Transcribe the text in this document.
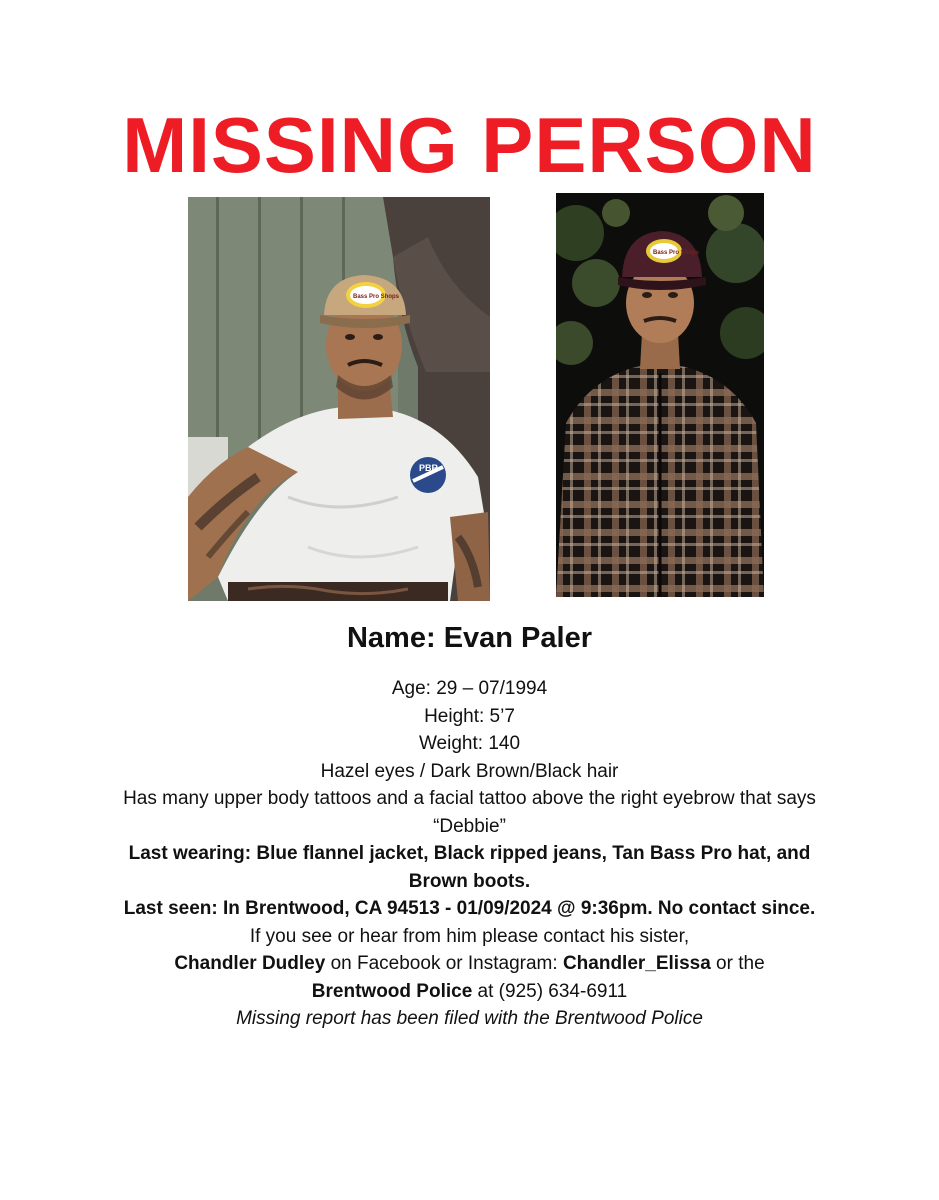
MISSING PERSON
PBR
Bass Pro Shops
Bass Pro Shops
Name: Evan Paler

Age: 29 – 07/1994

Height: 5’7

Weight: 140

Hazel eyes / Dark Brown/Black hair

Has many upper body tattoos and a facial tattoo above the right eyebrow that says “Debbie”

Last wearing: Blue flannel jacket, Black ripped jeans, Tan Bass Pro hat, and Brown boots.

Last seen: In Brentwood, CA 94513 - 01/09/2024 @ 9:36pm. No contact since.

If you see or hear from him please contact his sister,

Chandler Dudley on Facebook or Instagram: Chandler_Elissa or the

Brentwood Police at (925) 634-6911

Missing report has been filed with the Brentwood Police
